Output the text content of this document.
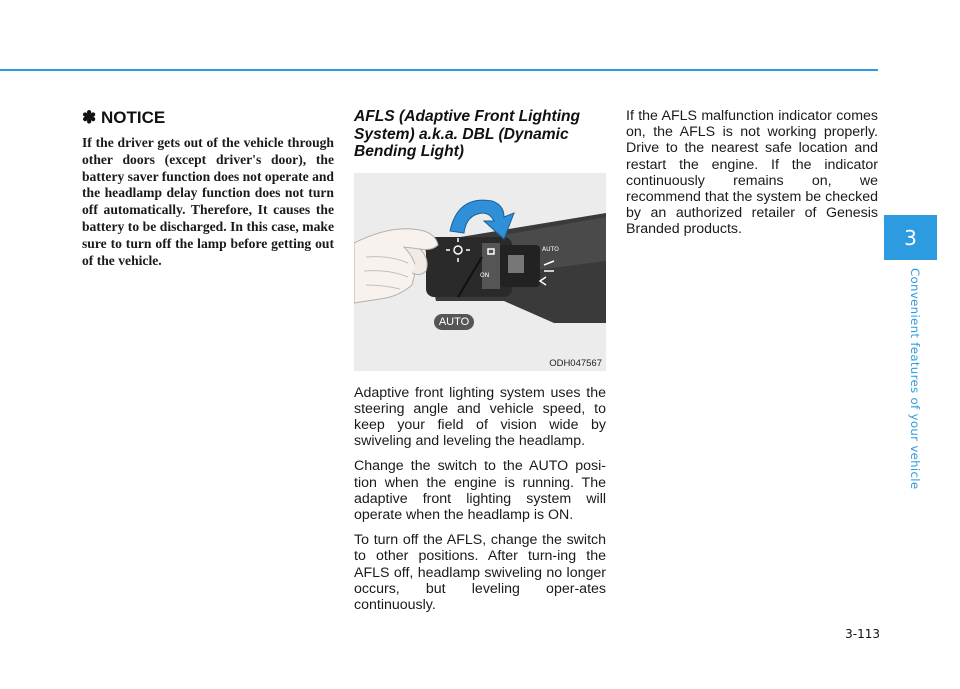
✽ NOTICE

If the driver gets out of the vehicle through other doors (except driver's door), the battery saver function does not operate and the headlamp delay function does not turn off automatically. Therefore, It causes the battery to be discharged. In this case, make sure to turn off the lamp before getting out of the vehicle.

AFLS (Adaptive Front Lighting System) a.k.a. DBL (Dynamic Bending Light)
AUTO
ON
AUTO
ODH047567

Adaptive front lighting system uses the steering angle and vehicle speed, to keep your field of vision wide by swiveling and leveling the headlamp.

Change the switch to the AUTO posi-tion when the engine is running. The adaptive front lighting system will operate when the headlamp is ON.

To turn off the AFLS, change the switch to other positions. After turn-ing the AFLS off, headlamp swiveling no longer occurs, but leveling oper-ates continuously.

If the AFLS malfunction indicator comes on, the AFLS is not working properly. Drive to the nearest safe location and restart the engine. If the indicator continuously remains on, we recommend that the system be checked by an authorized retailer of Genesis Branded products.	3
Convenient features of your vehicle
3-113
